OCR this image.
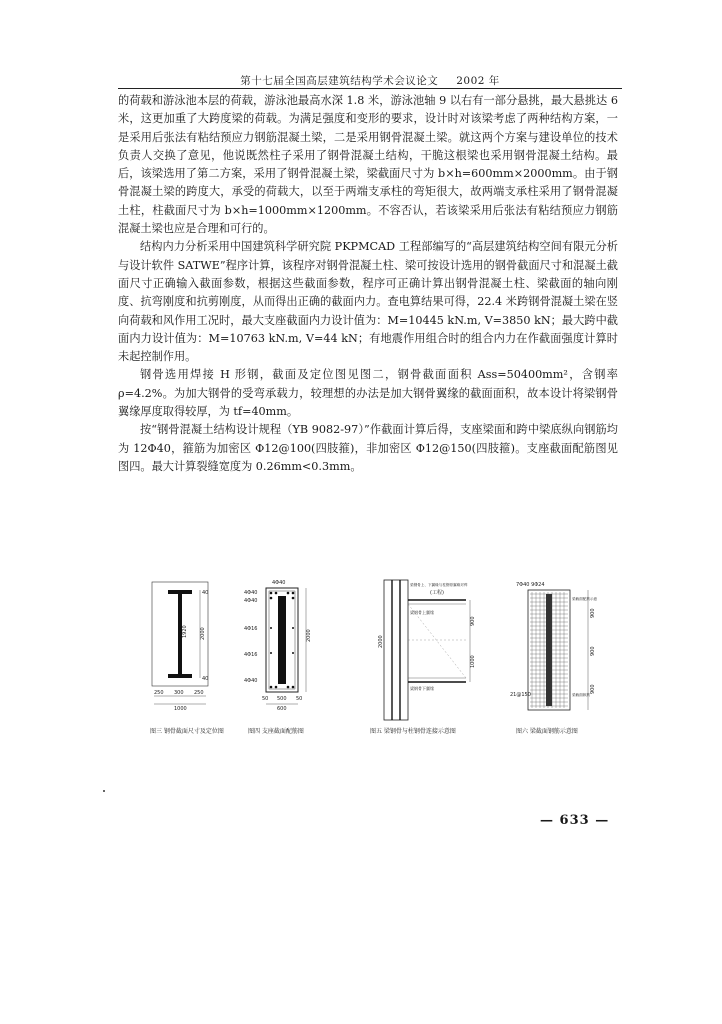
第十七届全国高层建筑结构学术会议论文 2002 年

的荷载和游泳池本层的荷载，游泳池最高水深 1.8 米，游泳池轴 9 以右有一部分悬挑，最大悬挑达 6 米，这更加重了大跨度梁的荷载。为满足强度和变形的要求，设计时对该梁考虑了两种结构方案，一是采用后张法有粘结预应力钢筋混凝土梁，二是采用钢骨混凝土梁。就这两个方案与建设单位的技术负责人交换了意见，他说既然柱子采用了钢骨混凝土结构，干脆这根梁也采用钢骨混凝土结构。最后，该梁选用了第二方案，采用了钢骨混凝土梁，梁截面尺寸为 b×h=600mm×2000mm。由于钢骨混凝土梁的跨度大，承受的荷载大，以至于两端支承柱的弯矩很大，故两端支承柱采用了钢骨混凝土柱，柱截面尺寸为 b×h=1000mm×1200mm。不容否认，若该梁采用后张法有粘结预应力钢筋混凝土梁也应是合理和可行的。

结构内力分析采用中国建筑科学研究院 PKPMCAD 工程部编写的“高层建筑结构空间有限元分析与设计软件 SATWE”程序计算，该程序对钢骨混凝土柱、梁可按设计选用的钢骨截面尺寸和混凝土截面尺寸正确输入截面参数，根据这些截面参数，程序可正确计算出钢骨混凝土柱、梁截面的轴向刚度、抗弯刚度和抗剪刚度，从而得出正确的截面内力。查电算结果可得，22.4 米跨钢骨混凝土梁在竖向荷载和风作用工况时，最大支座截面内力设计值为：M=10445 kN.m, V=3850 kN；最大跨中截面内力设计值为：M=10763 kN.m, V=44 kN；有地震作用组合时的组合内力在作截面强度计算时未起控制作用。

钢骨选用焊接 H 形钢，截面及定位图见图二，钢骨截面面积 Ass=50400mm²，含钢率 ρ=4.2%。为加大钢骨的受弯承载力，较理想的办法是加大钢骨翼缘的截面面积，故本设计将梁钢骨翼缘厚度取得较厚，为 tf=40mm。

按“钢骨混凝土结构设计规程（YB 9082-97）”作截面计算后得，支座梁面和跨中梁底纵向钢筋均为 12Φ40，箍筋为加密区 Φ12@100(四肢箍)，非加密区 Φ12@150(四肢箍)。支座截面配筋图见图四。最大计算裂缝宽度为 0.26mm<0.3mm。

40
1920
40
2000
250 300 250
1000
图三 钢骨截面尺寸及定位图
4Φ40
4Φ40
4Φ40
4Φ16
4Φ16
4Φ40
2000
50 500 50
600
图四 支座截面配筋图
梁钢骨上、下翼缘与柱钢骨翼缘对焊
(工程)
梁钢骨上翼缘
梁钢骨下翼缘
2000
900
1000
图五 梁钢骨与柱钢骨连接示意图
7Φ40 9Φ24
梁截面配筋示意
21@150	梁截面纵筋
900
900
900
图六 梁截面钢筋示意图
— 633 —
